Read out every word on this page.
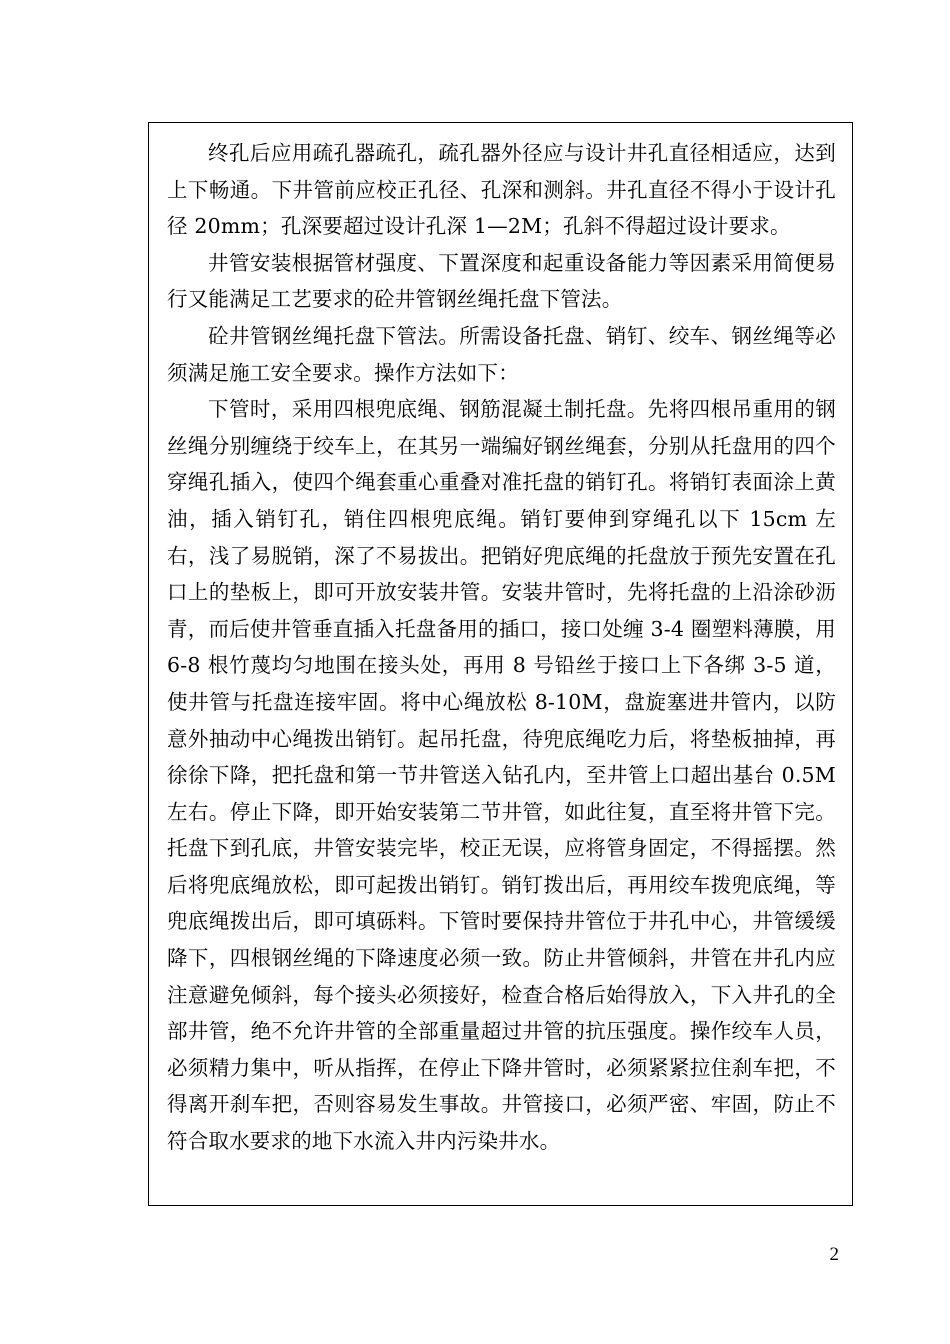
终孔后应用疏孔器疏孔，疏孔器外径应与设计井孔直径相适应，达到上下畅通。下井管前应校正孔径、孔深和测斜。井孔直径不得小于设计孔径 20mm；孔深要超过设计孔深 1—2M；孔斜不得超过设计要求。

井管安装根据管材强度、下置深度和起重设备能力等因素采用简便易行又能满足工艺要求的砼井管钢丝绳托盘下管法。

砼井管钢丝绳托盘下管法。所需设备托盘、销钉、绞车、钢丝绳等必须满足施工安全要求。操作方法如下：

下管时，采用四根兜底绳、钢筋混凝土制托盘。先将四根吊重用的钢丝绳分别缠绕于绞车上，在其另一端编好钢丝绳套，分别从托盘用的四个穿绳孔插入，使四个绳套重心重叠对准托盘的销钉孔。将销钉表面涂上黄油，插入销钉孔，销住四根兜底绳。销钉要伸到穿绳孔以下 15cm 左右，浅了易脱销，深了不易拔出。把销好兜底绳的托盘放于预先安置在孔口上的垫板上，即可开放安装井管。安装井管时，先将托盘的上沿涂砂沥青，而后使井管垂直插入托盘备用的插口，接口处缠 3-4 圈塑料薄膜，用 6-8 根竹蔑均匀地围在接头处，再用 8 号铅丝于接口上下各绑 3-5 道，使井管与托盘连接牢固。将中心绳放松 8-10M，盘旋塞进井管内，以防意外抽动中心绳拨出销钉。起吊托盘，待兜底绳吃力后，将垫板抽掉，再徐徐下降，把托盘和第一节井管送入钻孔内，至井管上口超出基台 0.5M 左右。停止下降，即开始安装第二节井管，如此往复，直至将井管下完。托盘下到孔底，井管安装完毕，校正无误，应将管身固定，不得摇摆。然后将兜底绳放松，即可起拨出销钉。销钉拨出后，再用绞车拨兜底绳，等兜底绳拨出后，即可填砾料。下管时要保持井管位于井孔中心，井管缓缓降下，四根钢丝绳的下降速度必须一致。防止井管倾斜，井管在井孔内应注意避免倾斜，每个接头必须接好，检查合格后始得放入，下入井孔的全部井管，绝不允许井管的全部重量超过井管的抗压强度。操作绞车人员，必须精力集中，听从指挥，在停止下降井管时，必须紧紧拉住刹车把，不得离开刹车把，否则容易发生事故。井管接口，必须严密、牢固，防止不符合取水要求的地下水流入井内污染井水。

2
